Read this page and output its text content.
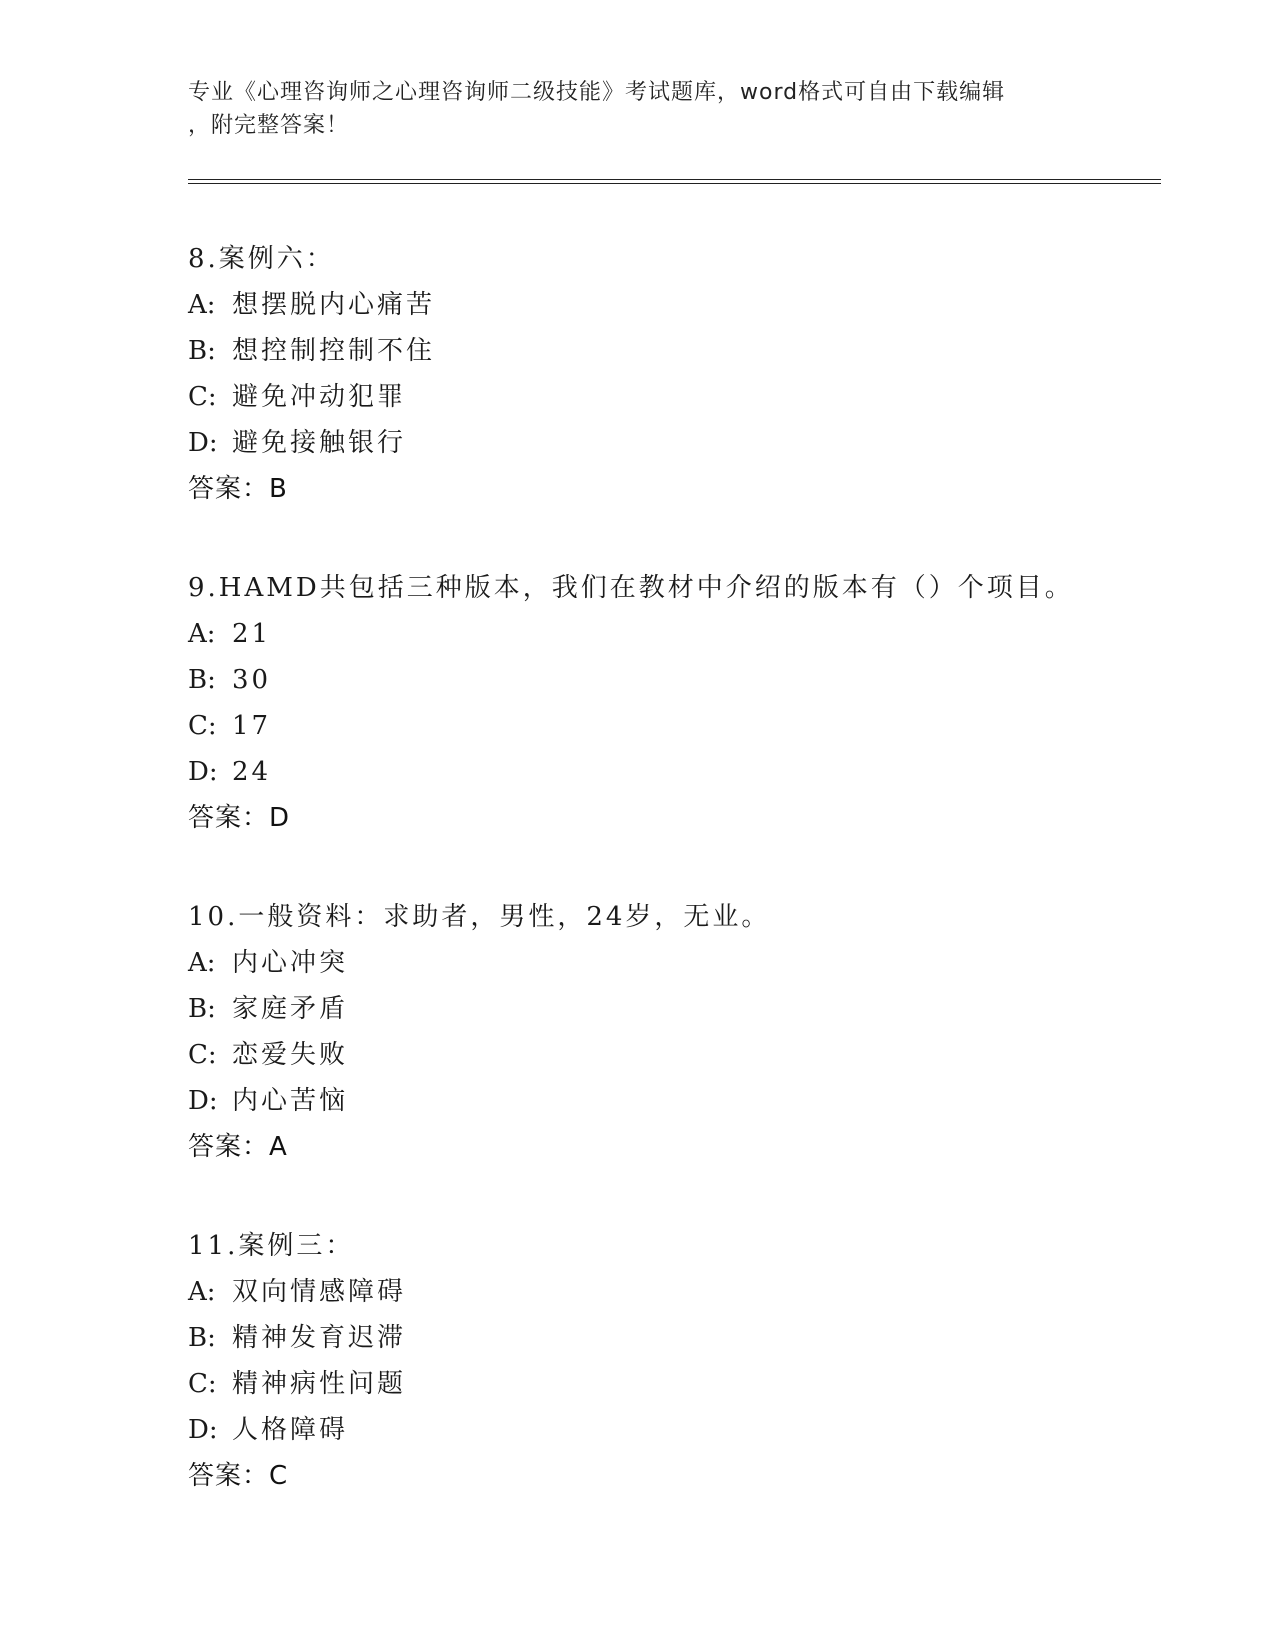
专业《心理咨询师之心理咨询师二级技能》考试题库，word格式可自由下载编辑
，附完整答案！
8.案例六：
A: 想摆脱内心痛苦
B: 想控制控制不住
C: 避免冲动犯罪
D: 避免接触银行
答案：B
9.HAMD共包括三种版本，我们在教材中介绍的版本有（）个项目。
A: 21
B: 30
C: 17
D: 24
答案：D
10.一般资料：求助者，男性，24岁，无业。
A: 内心冲突
B: 家庭矛盾
C: 恋爱失败
D: 内心苦恼
答案：A
11.案例三：
A: 双向情感障碍
B: 精神发育迟滞
C: 精神病性问题
D: 人格障碍
答案：C
